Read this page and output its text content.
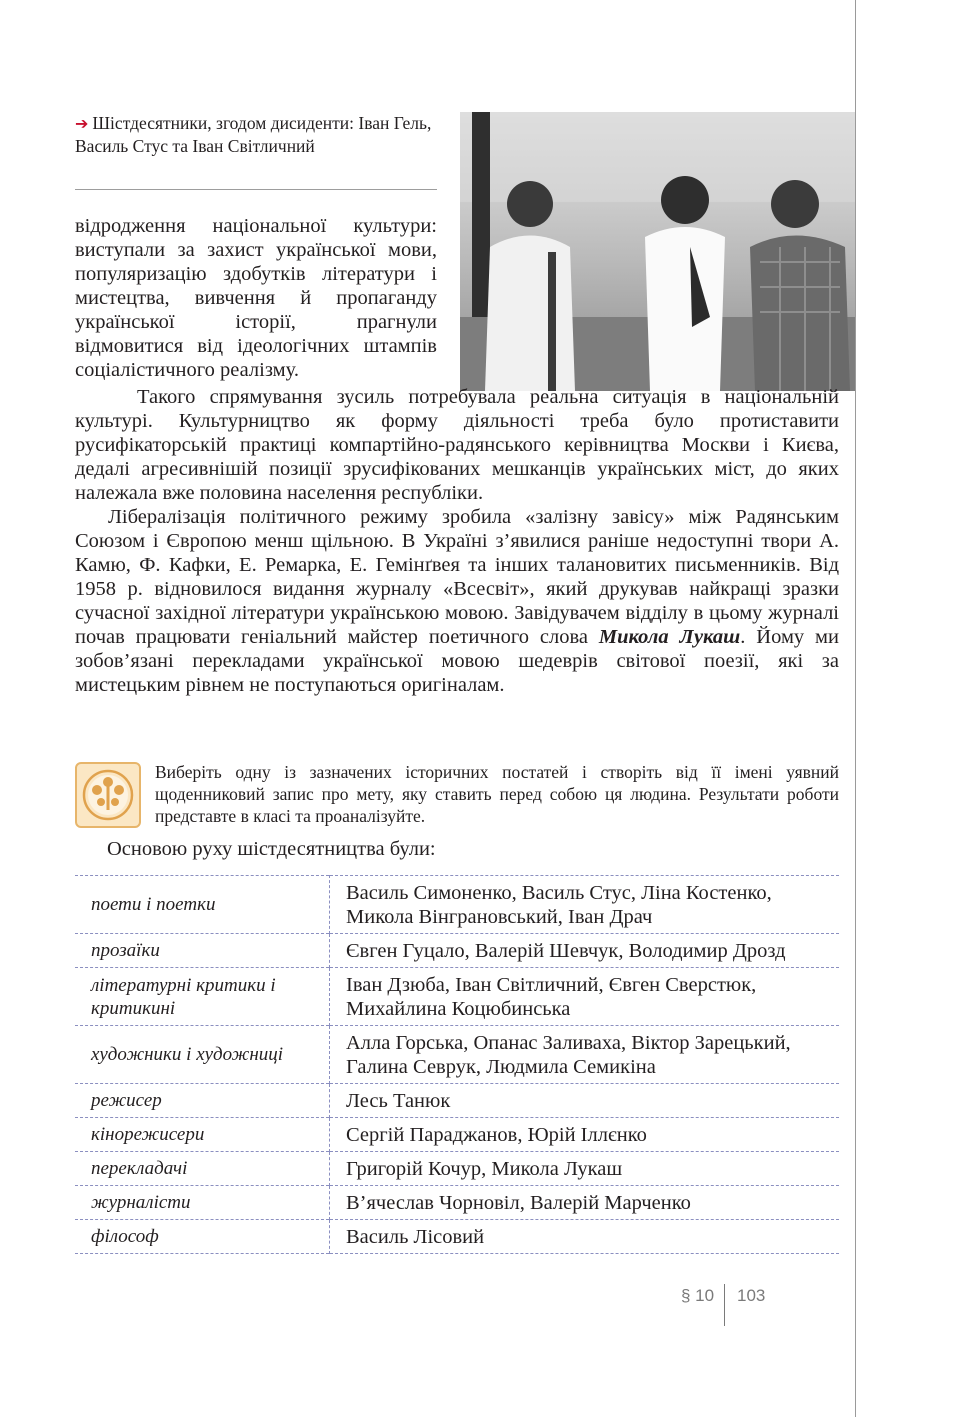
➔ Шістдесятники, згодом дисиденти: Іван Гель, Василь Стус та Іван Світличний

відродження національної культури: виступали за захист української мови, популяризацію здобутків літератури і мистецтва, вивчення й пропаганду української історії, прагнули відмовитися від ідеологічних штампів соціалістичного реалізму.

Такого спрямування зусиль потребувала реальна ситуація в національній культурі. Культурництво як форму діяльності треба було протиставити русифікаторській практиці компартійно-радянського керівництва Москви і Києва, дедалі агресивнішій позиції зрусифікованих мешканців українських міст, до яких належала вже половина населення республіки.
Лібералізація політичного режиму зробила «залізну завісу» між Радянським Союзом і Європою менш щільною. В Україні з’явилися раніше недоступні твори А. Камю, Ф. Кафки, Е. Ремарка, Е. Гемінґвея та інших талановитих письменників. Від 1958 р. відновилося видання журналу «Всесвіт», який друкував найкращі зразки сучасної західної літератури українською мовою. Завідувачем відділу в цьому журналі почав працювати геніальний майстер поетичного слова Микола Лукаш. Йому ми зобов’язані перекладами української мовою шедеврів світової поезії, які за мистецьким рівнем не поступаються оригіналам.

Виберіть одну із зазначених історичних постатей і створіть від її імені уявний щоденниковий запис про мету, яку ставить перед собою ця людина. Результати роботи представте в класі та проаналізуйте.
Основою руху шістдесятництва були:
поети і поетки	Василь Симоненко, Василь Стус, Ліна Костенко, Микола Вінграновський, Іван Драч
прозаїки	Євген Гуцало, Валерій Шевчук, Володимир Дрозд
літературні критики і критикині	Іван Дзюба, Іван Світличний, Євген Сверстюк, Михайлина Коцюбинська
художники і художниці	Алла Горська, Опанас Заливаха, Віктор Зарецький, Галина Севрук, Людмила Семикіна
режисер	Лесь Танюк
кінорежисери	Сергій Параджанов, Юрій Іллєнко
перекладачі	Григорій Кочур, Микола Лукаш
журналісти	В’ячеслав Чорновіл, Валерій Марченко
філософ	Василь Лісовий
§ 10 103
